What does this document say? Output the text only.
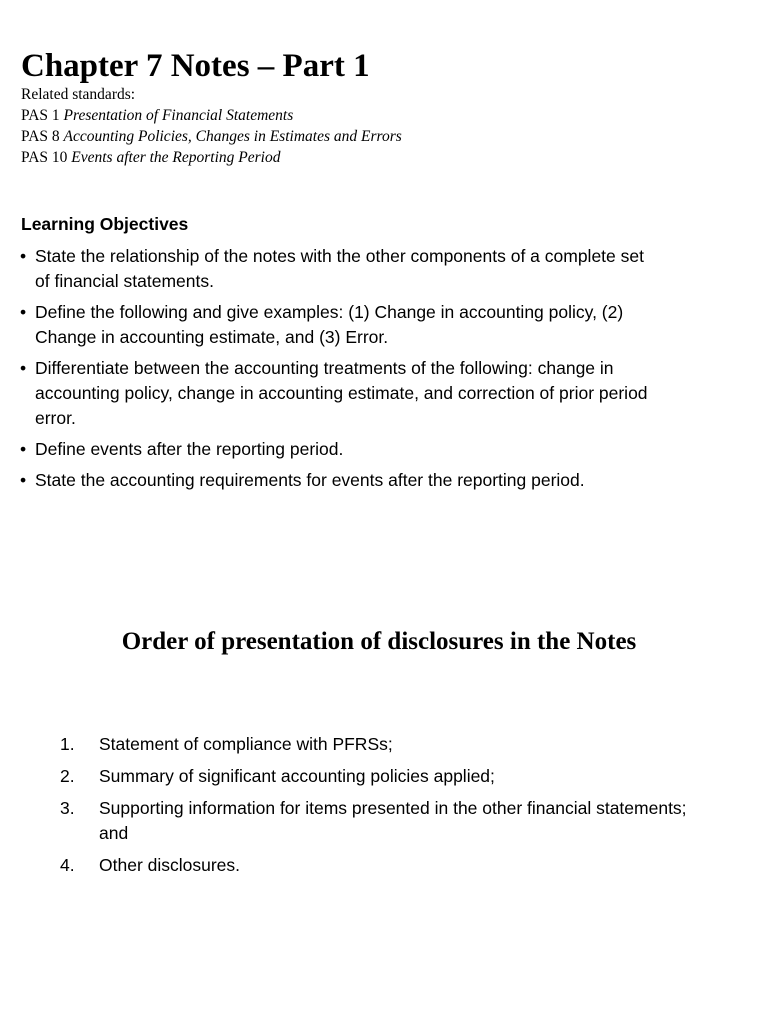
Chapter 7 Notes – Part 1
Related standards:
PAS 1 Presentation of Financial Statements
PAS 8 Accounting Policies, Changes in Estimates and Errors
PAS 10 Events after the Reporting Period
Learning Objectives
• State the relationship of the notes with the other components of a complete set of financial statements.
• Define the following and give examples: (1) Change in accounting policy, (2) Change in accounting estimate, and (3) Error.
• Differentiate between the accounting treatments of the following: change in accounting policy, change in accounting estimate, and correction of prior period error.
• Define events after the reporting period.
• State the accounting requirements for events after the reporting period.
Order of presentation of disclosures in the Notes
1. Statement of compliance with PFRSs;
2. Summary of significant accounting policies applied;
3. Supporting information for items presented in the other financial statements; and
4. Other disclosures.
